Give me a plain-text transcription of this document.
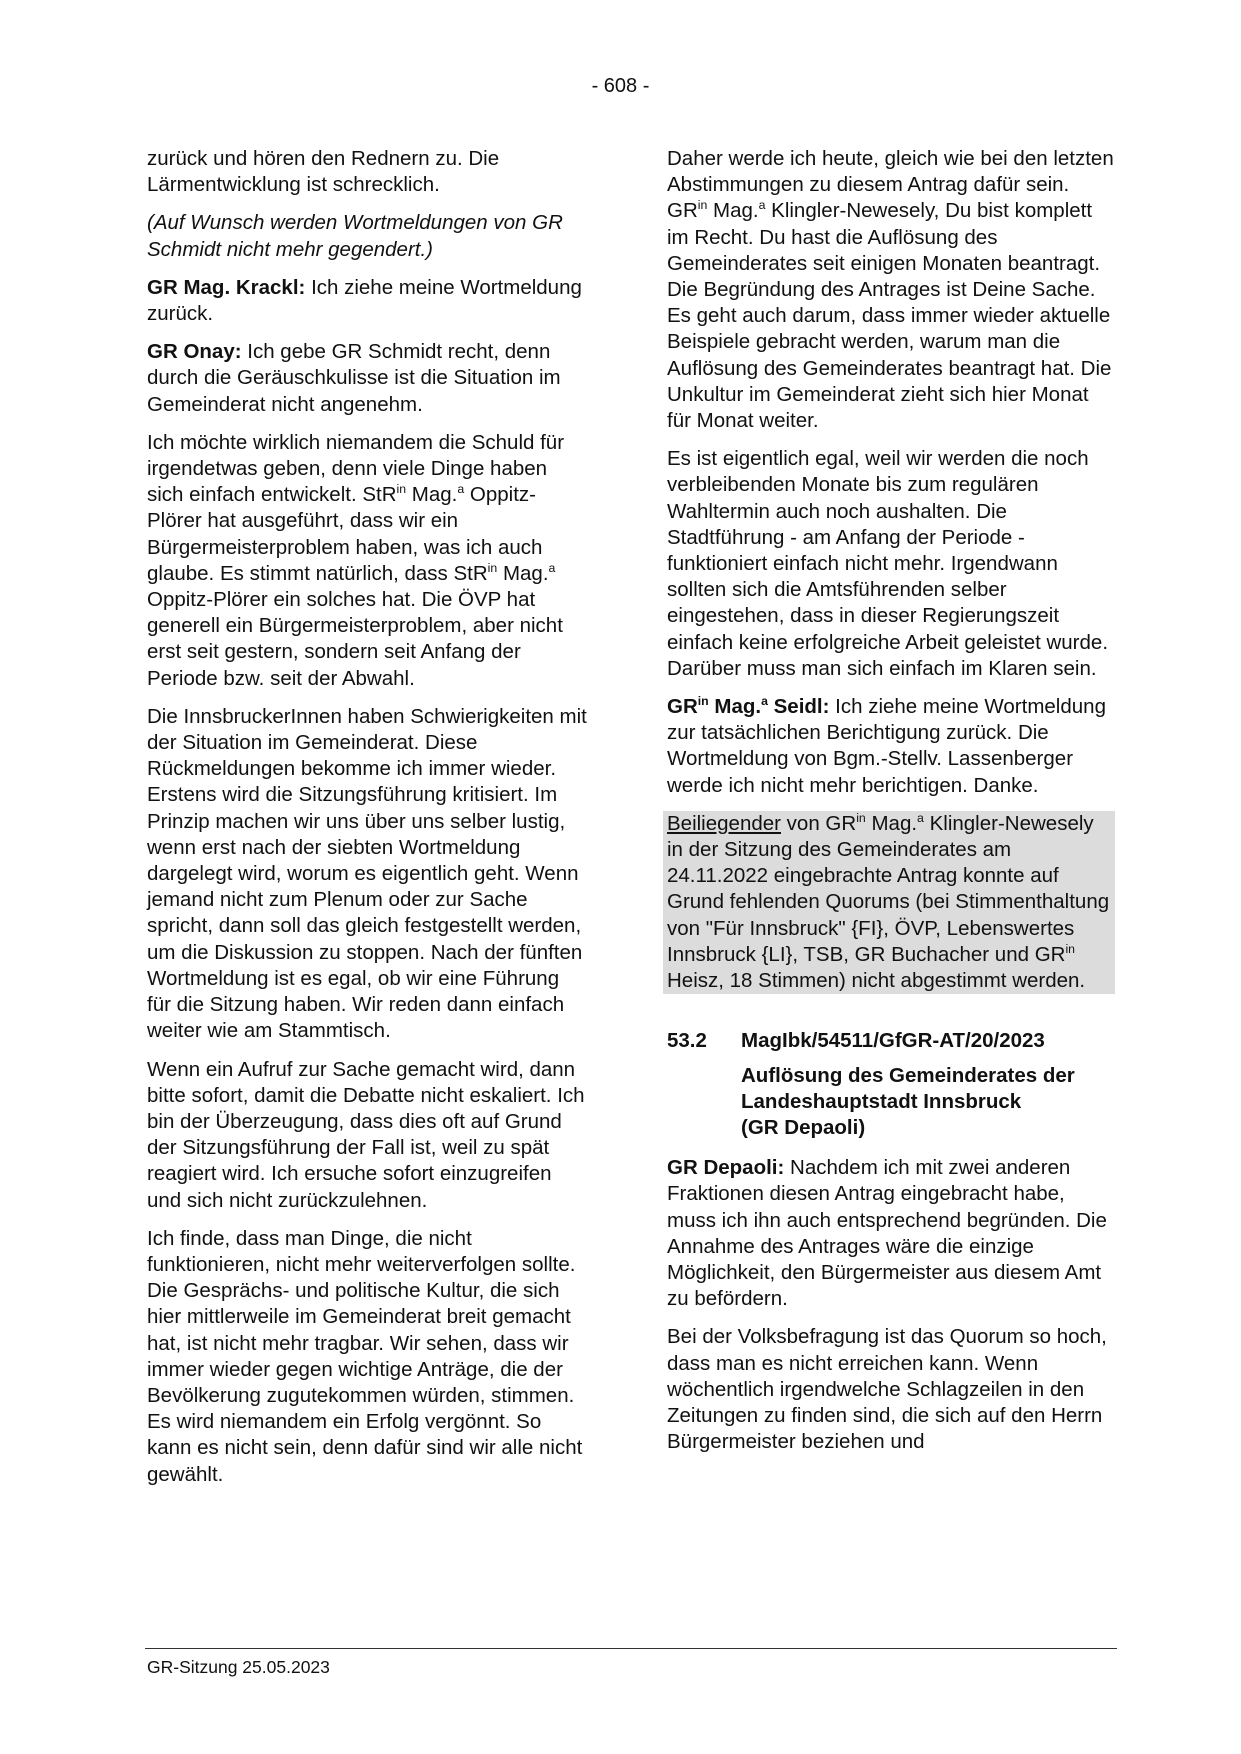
- 608 -

zurück und hören den Rednern zu. Die Lärmentwicklung ist schrecklich.

(Auf Wunsch werden Wortmeldungen von GR Schmidt nicht mehr gegendert.)

GR Mag. Krackl: Ich ziehe meine Wortmeldung zurück.

GR Onay: Ich gebe GR Schmidt recht, denn durch die Geräuschkulisse ist die Situation im Gemeinderat nicht angenehm.

Ich möchte wirklich niemandem die Schuld für irgendetwas geben, denn viele Dinge haben sich einfach entwickelt. StR$^{in}$ Mag.$^a$ Oppitz-Plörer hat ausgeführt, dass wir ein Bürgermeisterproblem haben, was ich auch glaube. Es stimmt natürlich, dass StR$^{in}$ Mag.$^a$ Oppitz-Plörer ein solches hat. Die ÖVP hat generell ein Bürgermeisterproblem, aber nicht erst seit gestern, sondern seit Anfang der Periode bzw. seit der Abwahl.

Die InnsbruckerInnen haben Schwierigkeiten mit der Situation im Gemeinderat. Diese Rückmeldungen bekomme ich immer wieder. Erstens wird die Sitzungsführung kritisiert. Im Prinzip machen wir uns über uns selber lustig, wenn erst nach der siebten Wortmeldung dargelegt wird, worum es eigentlich geht. Wenn jemand nicht zum Plenum oder zur Sache spricht, dann soll das gleich festgestellt werden, um die Diskussion zu stoppen. Nach der fünften Wortmeldung ist es egal, ob wir eine Führung für die Sitzung haben. Wir reden dann einfach weiter wie am Stammtisch.

Wenn ein Aufruf zur Sache gemacht wird, dann bitte sofort, damit die Debatte nicht eskaliert. Ich bin der Überzeugung, dass dies oft auf Grund der Sitzungsführung der Fall ist, weil zu spät reagiert wird. Ich ersuche sofort einzugreifen und sich nicht zurückzulehnen.

Ich finde, dass man Dinge, die nicht funktionieren, nicht mehr weiterverfolgen sollte. Die Gesprächs- und politische Kultur, die sich hier mittlerweile im Gemeinderat breit gemacht hat, ist nicht mehr tragbar. Wir sehen, dass wir immer wieder gegen wichtige Anträge, die der Bevölkerung zugutekommen würden, stimmen. Es wird niemandem ein Erfolg vergönnt. So kann es nicht sein, denn dafür sind wir alle nicht gewählt.

Daher werde ich heute, gleich wie bei den letzten Abstimmungen zu diesem Antrag dafür sein. $GR^{in}$ Mag.$^a$ Klingler-Newesely, Du bist komplett im Recht. Du hast die Auflösung des Gemeinderates seit einigen Monaten beantragt. Die Begründung des Antrages ist Deine Sache. Es geht auch darum, dass immer wieder aktuelle Beispiele gebracht werden, warum man die Auflösung des Gemeinderates beantragt hat. Die Unkultur im Gemeinderat zieht sich hier Monat für Monat weiter.

Es ist eigentlich egal, weil wir werden die noch verbleibenden Monate bis zum regulären Wahltermin auch noch aushalten. Die Stadtführung - am Anfang der Periode - funktioniert einfach nicht mehr. Irgendwann sollten sich die Amtsführenden selber eingestehen, dass in dieser Regierungszeit einfach keine erfolgreiche Arbeit geleistet wurde. Darüber muss man sich einfach im Klaren sein.

$GR^{in}$ Mag.$^a$ Seidl: Ich ziehe meine Wortmeldung zur tatsächlichen Berichtigung zurück. Die Wortmeldung von Bgm.-Stellv. Lassenberger werde ich nicht mehr berichtigen. Danke.

Beiliegender von $GR^{in}$ Mag.$^a$ Klingler-Newesely in der Sitzung des Gemeinderates am 24.11.2022 eingebrachte Antrag konnte auf Grund fehlenden Quorums (bei Stimmenthaltung von "Für Innsbruck" {FI}, ÖVP, Lebenswertes Innsbruck {LI}, TSB, GR Buchacher und $GR^{in}$ Heisz, 18 Stimmen) nicht abgestimmt werden.

53.2	MagIbk/54511/GfGR-AT/20/2023
Auflösung des Gemeinderates der
Landeshauptstadt Innsbruck
(GR Depaoli)

GR Depaoli: Nachdem ich mit zwei anderen Fraktionen diesen Antrag eingebracht habe, muss ich ihn auch entsprechend begründen. Die Annahme des Antrages wäre die einzige Möglichkeit, den Bürgermeister aus diesem Amt zu befördern.

Bei der Volksbefragung ist das Quorum so hoch, dass man es nicht erreichen kann. Wenn wöchentlich irgendwelche Schlagzeilen in den Zeitungen zu finden sind, die sich auf den Herrn Bürgermeister beziehen und

GR-Sitzung 25.05.2023
